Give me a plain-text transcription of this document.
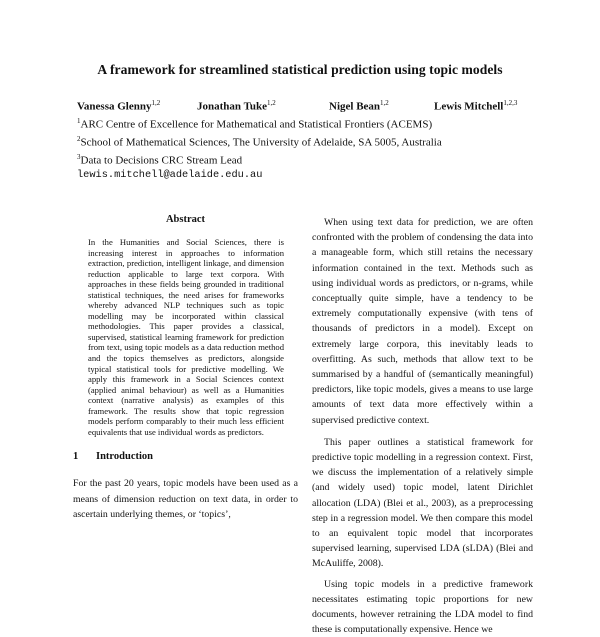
A framework for streamlined statistical prediction using topic models
Vanessa Glenny$^{1,2}$	Jonathan Tuke$^{1,2}$	Nigel Bean$^{1,2}$	Lewis Mitchell$^{1,2,3}$
$^1$ARC Centre of Excellence for Mathematical and Statistical Frontiers (ACEMS)
$^2$School of Mathematical Sciences, The University of Adelaide, SA 5005, Australia
$^3$Data to Decisions CRC Stream Lead
lewis.mitchell@adelaide.edu.au
Abstract

In the Humanities and Social Sciences, there is increasing interest in approaches to information extraction, prediction, intelligent linkage, and dimension reduction applicable to large text corpora. With approaches in these fields being grounded in traditional statistical techniques, the need arises for frameworks whereby advanced NLP techniques such as topic modelling may be incorporated within classical methodologies. This paper provides a classical, supervised, statistical learning framework for prediction from text, using topic models as a data reduction method and the topics themselves as predictors, alongside typical statistical tools for predictive modelling. We apply this framework in a Social Sciences context (applied animal behaviour) as well as a Humanities context (narrative analysis) as examples of this framework. The results show that topic regression models perform comparably to their much less efficient equivalents that use individual words as predictors.

1 Introduction

For the past 20 years, topic models have been used as a means of dimension reduction on text data, in order to ascertain underlying themes, or ‘topics’,

When using text data for prediction, we are often confronted with the problem of condensing the data into a manageable form, which still retains the necessary information contained in the text. Methods such as using individual words as predictors, or n-grams, while conceptually quite simple, have a tendency to be extremely computationally expensive (with tens of thousands of predictors in a model). Except on extremely large corpora, this inevitably leads to overfitting. As such, methods that allow text to be summarised by a handful of (semantically meaningful) predictors, like topic models, gives a means to use large amounts of text data more effectively within a supervised predictive context.

This paper outlines a statistical framework for predictive topic modelling in a regression context. First, we discuss the implementation of a relatively simple (and widely used) topic model, latent Dirichlet allocation (LDA) (Blei et al., 2003), as a preprocessing step in a regression model. We then compare this model to an equivalent topic model that incorporates supervised learning, supervised LDA (sLDA) (Blei and McAuliffe, 2008).

Using topic models in a predictive framework necessitates estimating topic proportions for new documents, however retraining the LDA model to find these is computationally expensive. Hence we
